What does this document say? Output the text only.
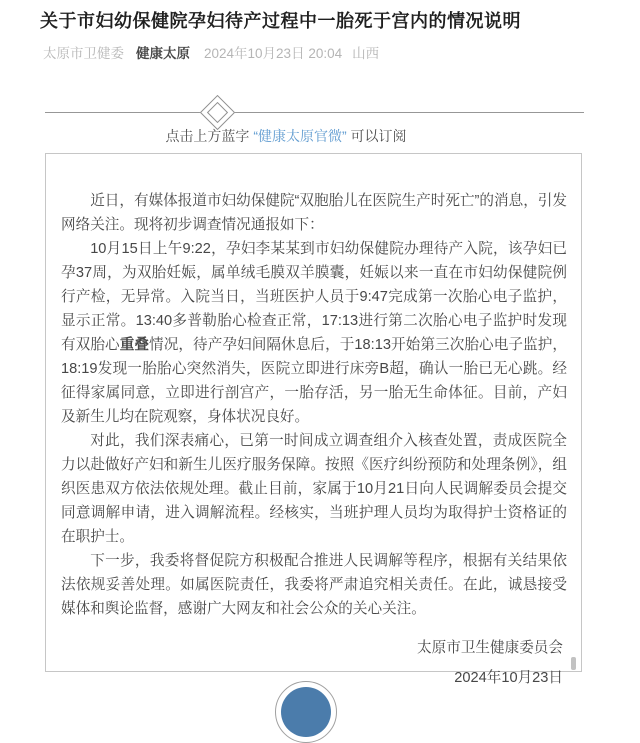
关于市妇幼保健院孕妇待产过程中一胎死于宫内的情况说明
太原市卫健委 健康太原 2024年10月23日 20:04 山西
点击上方蓝字 “健康太原官微” 可以订阅

近日，有媒体报道市妇幼保健院“双胞胎儿在医院生产时死亡”的消息，引发网络关注。现将初步调查情况通报如下：

10月15日上午9:22，孕妇李某某到市妇幼保健院办理待产入院，该孕妇已孕37周，为双胎妊娠，属单绒毛膜双羊膜囊，妊娠以来一直在市妇幼保健院例行产检，无异常。入院当日，当班医护人员于9:47完成第一次胎心电子监护，显示正常。13:40多普勒胎心检查正常，17:13进行第二次胎心电子监护时发现有双胎心重叠情况，待产孕妇间隔休息后，于18:13开始第三次胎心电子监护，18:19发现一胎胎心突然消失，医院立即进行床旁B超，确认一胎已无心跳。经征得家属同意，立即进行剖宫产，一胎存活，另一胎无生命体征。目前，产妇及新生儿均在院观察，身体状况良好。

对此，我们深表痛心，已第一时间成立调查组介入核查处置，责成医院全力以赴做好产妇和新生儿医疗服务保障。按照《医疗纠纷预防和处理条例》，组织医患双方依法依规处理。截止目前，家属于10月21日向人民调解委员会提交同意调解申请，进入调解流程。经核实，当班护理人员均为取得护士资格证的在职护士。

下一步，我委将督促院方积极配合推进人民调解等程序，根据有关结果依法依规妥善处理。如属医院责任，我委将严肃追究相关责任。在此，诚恳接受媒体和舆论监督，感谢广大网友和社会公众的关心关注。

太原市卫生健康委员会
2024年10月23日
